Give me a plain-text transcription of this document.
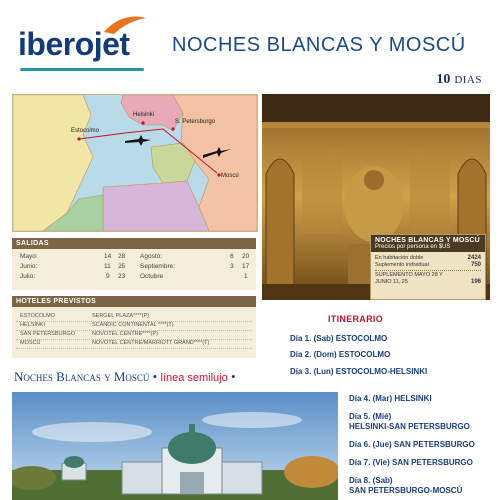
iberojet NOCHES BLANCAS Y MOSCÚ
10 DIAS
Helsinki
Estocolmo
S. Petersburgo
Moscú
NOCHES BLANCAS Y MOSCÚ
Precios por persona en $US
En habitación doble	2424
Suplemento individual	750
SUPLEMENTO MAYO 28 Y
JUNIO 11, 25	196
SALIDAS
Mayo:	14 28 Agosto:	6 20
Junio:	11 25 Septiembre:	3 17
Julio:	9 23 Octubre	1
HOTELES PREVISTOS
ESTOCOLMO	SERGEL PLAZA****(P)
HELSINKI	SCANDIC CONTINENTAL ****(T)
SAN PETERSBURGO	NOVOTEL CENTRE****(P)
MOSCÚ	NOVOTEL CENTRE/MARRIOTT GRAND****(T)
Noches Blancas y Moscú • línea semilujo •
ITINERARIO
Día 1. (Sab) ESTOCOLMO
Día 2. (Dom) ESTOCOLMO
Día 3. (Lun) ESTOCOLMO-HELSINKI
Día 4. (Mar) HELSINKI
Día 5. (Mié)
HELSINKI-SAN PETERSBURGO
Día 6. (Jue) SAN PETERSBURGO
Día 7. (Vie) SAN PETERSBURGO
Día 8. (Sab)
SAN PETERSBURGO-MOSCÚ
